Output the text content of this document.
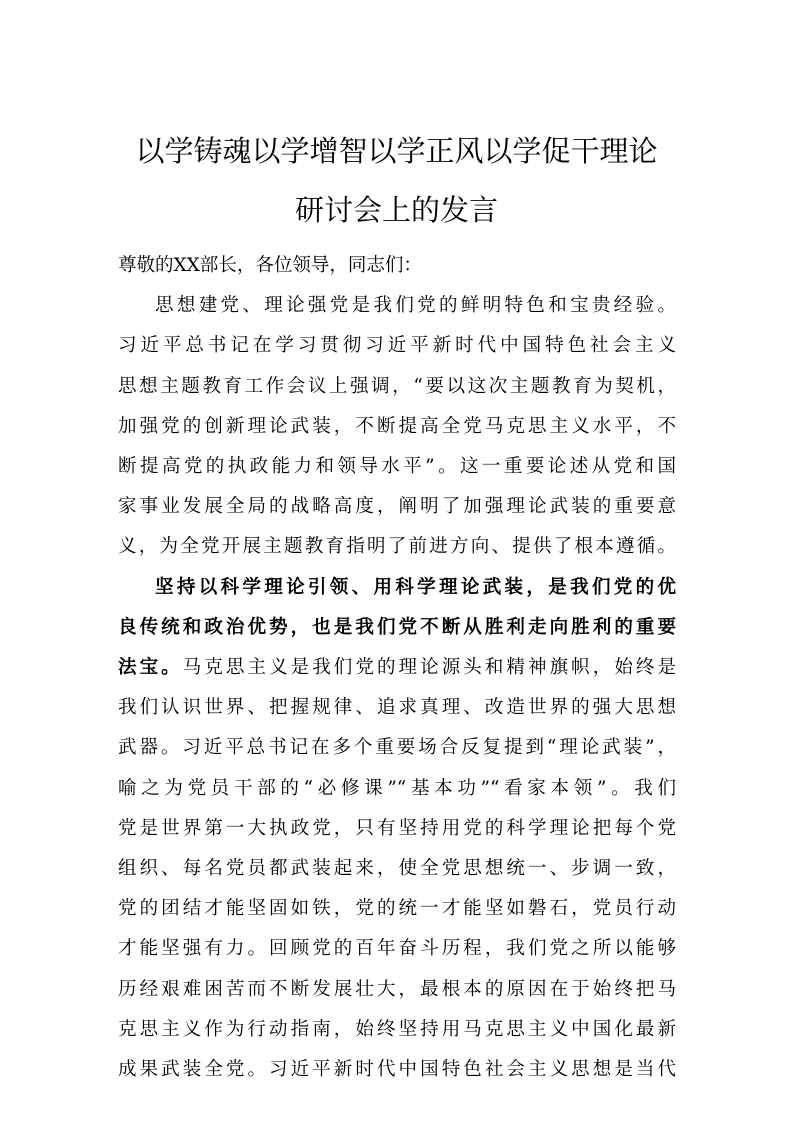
以学铸魂以学增智以学正风以学促干理论
研讨会上的发言

尊敬的XX部长，各位领导，同志们：

思想建党、理论强党是我们党的鲜明特色和宝贵经验。
习近平总书记在学习贯彻习近平新时代中国特色社会主义
思想主题教育工作会议上强调，“要以这次主题教育为契机，
加强党的创新理论武装，不断提高全党马克思主义水平，不
断提高党的执政能力和领导水平”。这一重要论述从党和国
家事业发展全局的战略高度，阐明了加强理论武装的重要意
义，为全党开展主题教育指明了前进方向、提供了根本遵循。
坚持以科学理论引领、用科学理论武装，是我们党的优
良传统和政治优势，也是我们党不断从胜利走向胜利的重要
法宝。马克思主义是我们党的理论源头和精神旗帜，始终是
我们认识世界、把握规律、追求真理、改造世界的强大思想
武器。习近平总书记在多个重要场合反复提到“理论武装”，
喻之为党员干部的“必修课”“基本功”“看家本领”。我们
党是世界第一大执政党，只有坚持用党的科学理论把每个党
组织、每名党员都武装起来，使全党思想统一、步调一致，
党的团结才能坚固如铁，党的统一才能坚如磐石，党员行动
才能坚强有力。回顾党的百年奋斗历程，我们党之所以能够
历经艰难困苦而不断发展壮大，最根本的原因在于始终把马
克思主义作为行动指南，始终坚持用马克思主义中国化最新
成果武装全党。习近平新时代中国特色社会主义思想是当代
